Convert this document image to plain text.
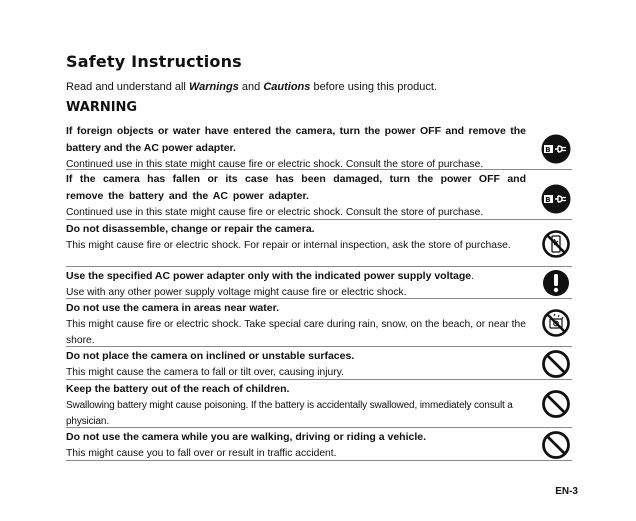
Safety Instructions

Read and understand all Warnings and Cautions before using this product.

WARNING
If foreign objects or water have entered the camera, turn the power OFF and remove the battery and the AC power adapter.
Continued use in this state might cause fire or electric shock. Consult the store of purchase.
B
If the camera has fallen or its case has been damaged, turn the power OFF and remove the battery and the AC power adapter.
Continued use in this state might cause fire or electric shock. Consult the store of purchase.
B
Do not disassemble, change or repair the camera.
This might cause fire or electric shock. For repair or internal inspection, ask the store of purchase.
Use the specified AC power adapter only with the indicated power supply voltage.
Use with any other power supply voltage might cause fire or electric shock.
Do not use the camera in areas near water.
This might cause fire or electric shock. Take special care during rain, snow, on the beach, or near the shore.
Do not place the camera on inclined or unstable surfaces.
This might cause the camera to fall or tilt over, causing injury.
Keep the battery out of the reach of children.
Swallowing battery might cause poisoning. If the battery is accidentally swallowed, immediately consult a physician.
Do not use the camera while you are walking, driving or riding a vehicle.
This might cause you to fall over or result in traffic accident.
EN-3
